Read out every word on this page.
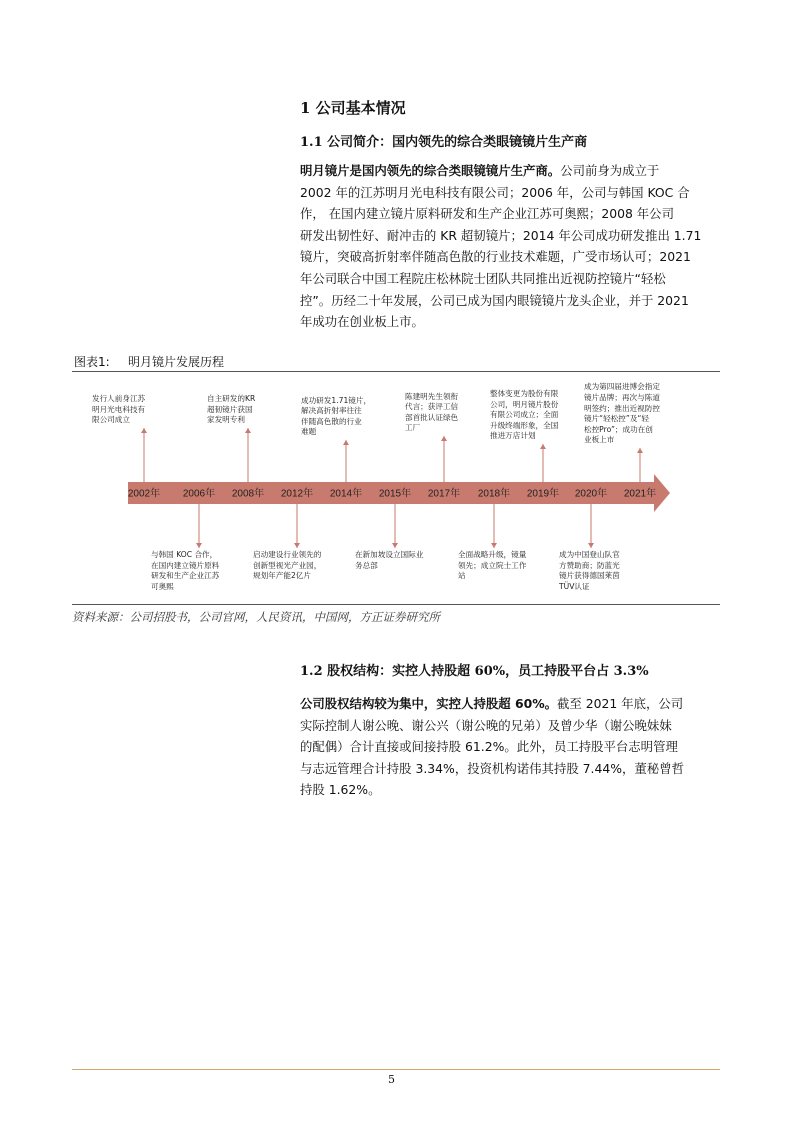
1 公司基本情况
1.1 公司简介：国内领先的综合类眼镜镜片生产商
明月镜片是国内领先的综合类眼镜镜片生产商。公司前身为成立于
2002 年的江苏明月光电科技有限公司；2006 年，公司与韩国 KOC 合
作， 在国内建立镜片原料研发和生产企业江苏可奥熙；2008 年公司
研发出韧性好、耐冲击的 KR 超韧镜片；2014 年公司成功研发推出 1.71
镜片，突破高折射率伴随高色散的行业技术难题，广受市场认可；2021
年公司联合中国工程院庄松林院士团队共同推出近视防控镜片“轻松
控”。历经二十年发展，公司已成为国内眼镜镜片龙头企业，并于 2021
年成功在创业板上市。
图表1: 明月镜片发展历程
2002年 2006年 2008年 2012年 2014年 2015年 2017年 2018年 2019年 2020年 2021年
发行人前身江苏
明月光电科技有
限公司成立
与韩国 KOC 合作，
在国内建立镜片原料
研发和生产企业江苏
可奥熙
自主研发的KR
超韧镜片获国
家发明专利
启动建设行业领先的
创新型视光产业园，
规划年产能2亿片
成功研发1.71镜片，
解决高折射率往往
伴随高色散的行业
难题
在新加坡设立国际业
务总部
陈建明先生领衔
代言；获评工信
部首批认证绿色
工厂
全面战略升级，镜量
领先；成立院士工作
站
整体变更为股份有限
公司，明月镜片股份
有限公司成立；全面
升级终端形象，全国
推进万店计划
成为中国登山队官
方赞助商；防蓝光
镜片获得德国莱茵
TÜV认证
成为第四届进博会指定
镜片品牌；再次与陈道
明签约；推出近视防控
镜片“轻松控”及“轻
松控Pro”；成功在创
业板上市
资料来源：公司招股书，公司官网，人民资讯，中国网，方正证券研究所
1.2 股权结构：实控人持股超 60%，员工持股平台占 3.3%
公司股权结构较为集中，实控人持股超 60%。截至 2021 年底，公司
实际控制人谢公晚、谢公兴（谢公晚的兄弟）及曾少华（谢公晚妹妹
的配偶）合计直接或间接持股 61.2%。此外，员工持股平台志明管理
与志远管理合计持股 3.34%，投资机构诺伟其持股 7.44%，董秘曾哲
持股 1.62%。
5
